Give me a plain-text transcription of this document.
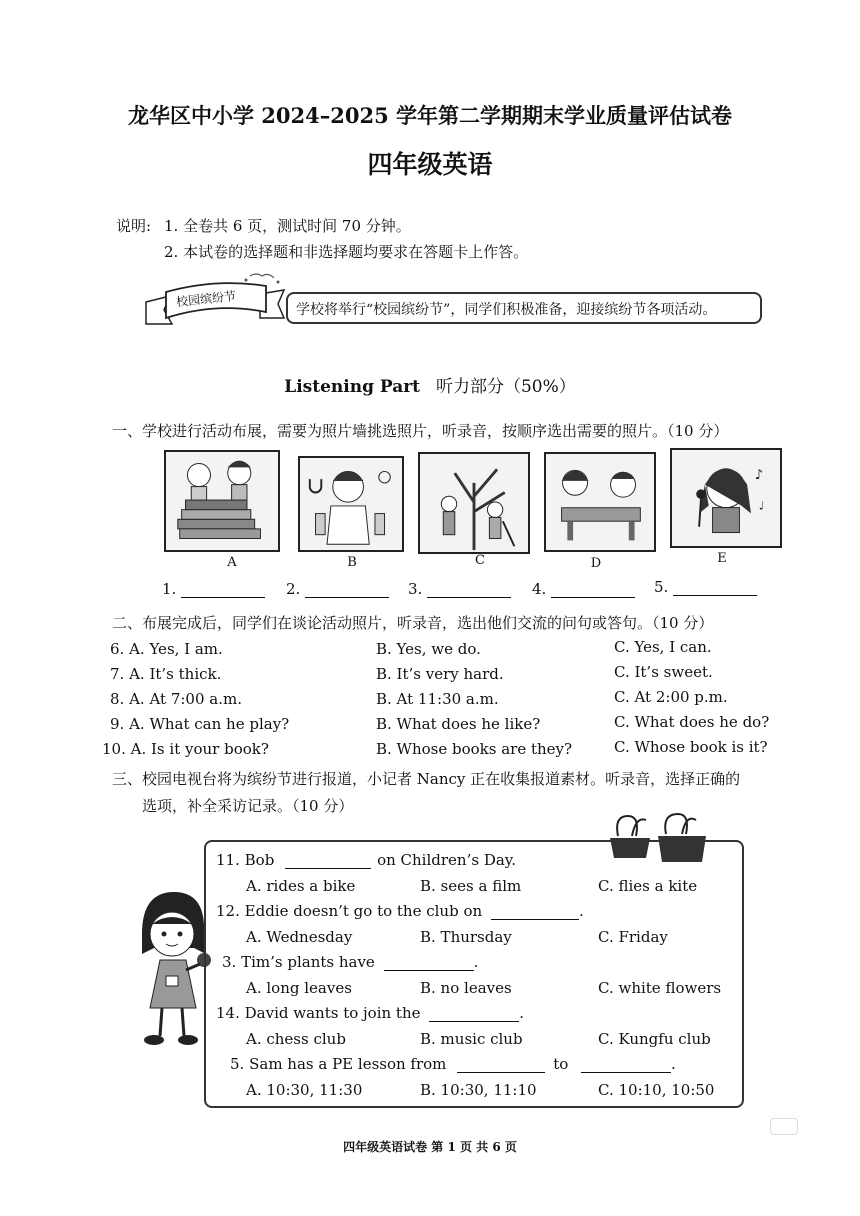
龙华区中小学 2024–2025 学年第二学期期末学业质量评估试卷
四年级英语
说明: 1. 全卷共 6 页，测试时间 70 分钟。
2. 本试卷的选择题和非选择题均要求在答题卡上作答。
校园缤纷节
学校将举行“校园缤纷节”，同学们积极准备，迎接缤纷节各项活动。
Listening Part 听力部分（50%）
一、学校进行活动布展，需要为照片墙挑选照片，听录音，按顺序选出需要的照片。（10 分）
♪
♩
A	B	C	D	E
1.	2.	3.	4.	5.
二、布展完成后，同学们在谈论活动照片，听录音，选出他们交流的问句或答句。（10 分）
6. A. Yes, I am.	B. Yes, we do.	C. Yes, I can.
7. A. It’s thick.	B. It’s very hard.	C. It’s sweet.
8. A. At 7:00 a.m.	B. At 11:30 a.m.	C. At 2:00 p.m.
9. A. What can he play?	B. What does he like?	C. What does he do?
10. A. Is it your book?	B. Whose books are they?	C. Whose book is it?
三、校园电视台将为缤纷节进行报道，小记者 Nancy 正在收集报道素材。听录音，选择正确的
选项，补全采访记录。（10 分）
11. Bob	on Children’s Day.
A. rides a bike	B. sees a film	C. flies a kite
12. Eddie doesn’t go to the club on	.
A. Wednesday	B. Thursday	C. Friday
3. Tim’s plants have	.
A. long leaves	B. no leaves	C. white flowers
14. David wants to join the	.
A. chess club	B. music club	C. Kungfu club
5. Sam has a PE lesson from	to	.
A. 10:30, 11:30	B. 10:30, 11:10	C. 10:10, 10:50
四年级英语试卷 第 1 页 共 6 页
